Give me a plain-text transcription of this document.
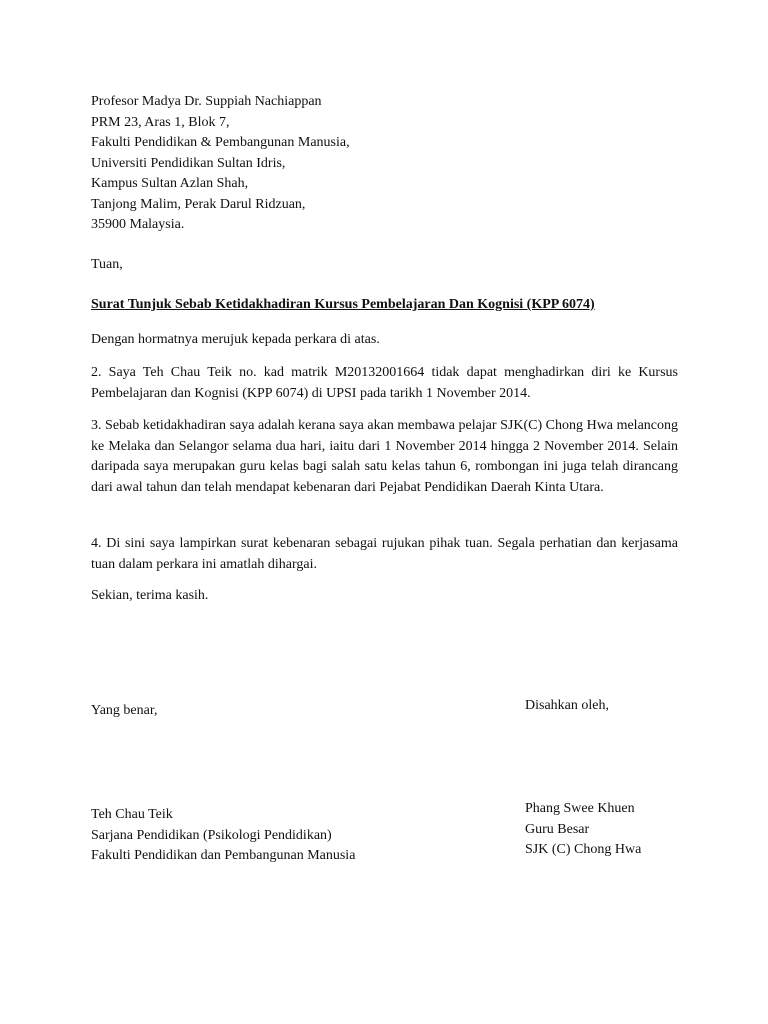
Profesor Madya Dr. Suppiah Nachiappan
PRM 23, Aras 1, Blok 7,
Fakulti Pendidikan & Pembangunan Manusia,
Universiti Pendidikan Sultan Idris,
Kampus Sultan Azlan Shah,
Tanjong Malim, Perak Darul Ridzuan,
35900 Malaysia.
Tuan,
Surat Tunjuk Sebab Ketidakhadiran Kursus Pembelajaran Dan Kognisi (KPP 6074)
Dengan hormatnya merujuk kepada perkara di atas.
2. Saya Teh Chau Teik no. kad matrik M20132001664 tidak dapat menghadirkan diri ke Kursus Pembelajaran dan Kognisi (KPP 6074) di UPSI pada tarikh 1 November 2014.
3. Sebab ketidakhadiran saya adalah kerana saya akan membawa pelajar SJK(C) Chong Hwa melancong ke Melaka dan Selangor selama dua hari, iaitu dari 1 November 2014 hingga 2 November 2014. Selain daripada saya merupakan guru kelas bagi salah satu kelas tahun 6, rombongan ini juga telah dirancang dari awal tahun dan telah mendapat kebenaran dari Pejabat Pendidikan Daerah Kinta Utara.
4. Di sini saya lampirkan surat kebenaran sebagai rujukan pihak tuan. Segala perhatian dan kerjasama tuan dalam perkara ini amatlah dihargai.
Sekian, terima kasih.
Yang benar,	Disahkan oleh,
Teh Chau Teik
Sarjana Pendidikan (Psikologi Pendidikan)
Fakulti Pendidikan dan Pembangunan Manusia
Phang Swee Khuen
Guru Besar
SJK (C) Chong Hwa
